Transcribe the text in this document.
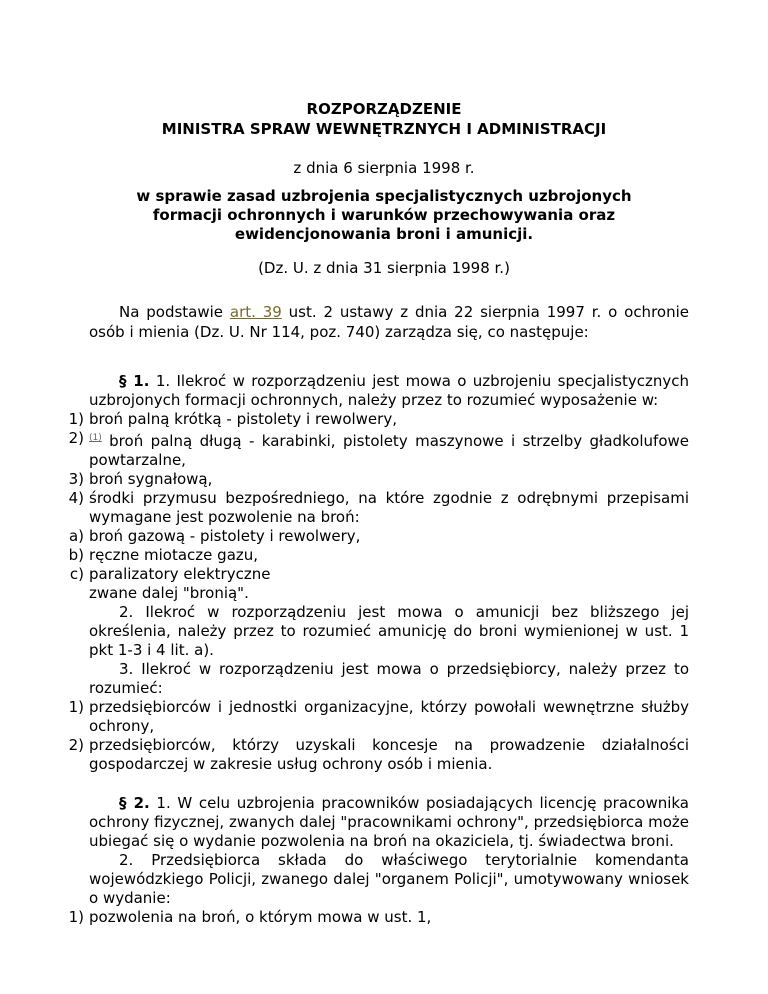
ROZPORZĄDZENIE
MINISTRA SPRAW WEWNĘTRZNYCH I ADMINISTRACJI
z dnia 6 sierpnia 1998 r.
w sprawie zasad uzbrojenia specjalistycznych uzbrojonych
formacji ochronnych i warunków przechowywania oraz
ewidencjonowania broni i amunicji.
(Dz. U. z dnia 31 sierpnia 1998 r.)
Na podstawie art. 39 ust. 2 ustawy z dnia 22 sierpnia 1997 r. o ochronie osób i mienia (Dz. U. Nr 114, poz. 740) zarządza się, co następuje:
§ 1. 1. Ilekroć w rozporządzeniu jest mowa o uzbrojeniu specjalistycznych uzbrojonych formacji ochronnych, należy przez to rozumieć wyposażenie w:
1) broń palną krótką - pistolety i rewolwery,
2) $^{(1)}$ broń palną długą - karabinki, pistolety maszynowe i strzelby gładkolufowe powtarzalne,
3) broń sygnałową,
4) środki przymusu bezpośredniego, na które zgodnie z odrębnymi przepisami wymagane jest pozwolenie na broń:
a) broń gazową - pistolety i rewolwery,
b) ręczne miotacze gazu,
c) paralizatory elektryczne
zwane dalej "bronią".
2. Ilekroć w rozporządzeniu jest mowa o amunicji bez bliższego jej określenia, należy przez to rozumieć amunicję do broni wymienionej w ust. 1 pkt 1-3 i 4 lit. a).
3. Ilekroć w rozporządzeniu jest mowa o przedsiębiorcy, należy przez to rozumieć:
1) przedsiębiorców i jednostki organizacyjne, którzy powołali wewnętrzne służby ochrony,
2) przedsiębiorców, którzy uzyskali koncesje na prowadzenie działalności gospodarczej w zakresie usług ochrony osób i mienia.
§ 2. 1. W celu uzbrojenia pracowników posiadających licencję pracownika ochrony fizycznej, zwanych dalej "pracownikami ochrony", przedsiębiorca może ubiegać się o wydanie pozwolenia na broń na okaziciela, tj. świadectwa broni.
2. Przedsiębiorca składa do właściwego terytorialnie komendanta wojewódzkiego Policji, zwanego dalej "organem Policji", umotywowany wniosek o wydanie:
1) pozwolenia na broń, o którym mowa w ust. 1,
